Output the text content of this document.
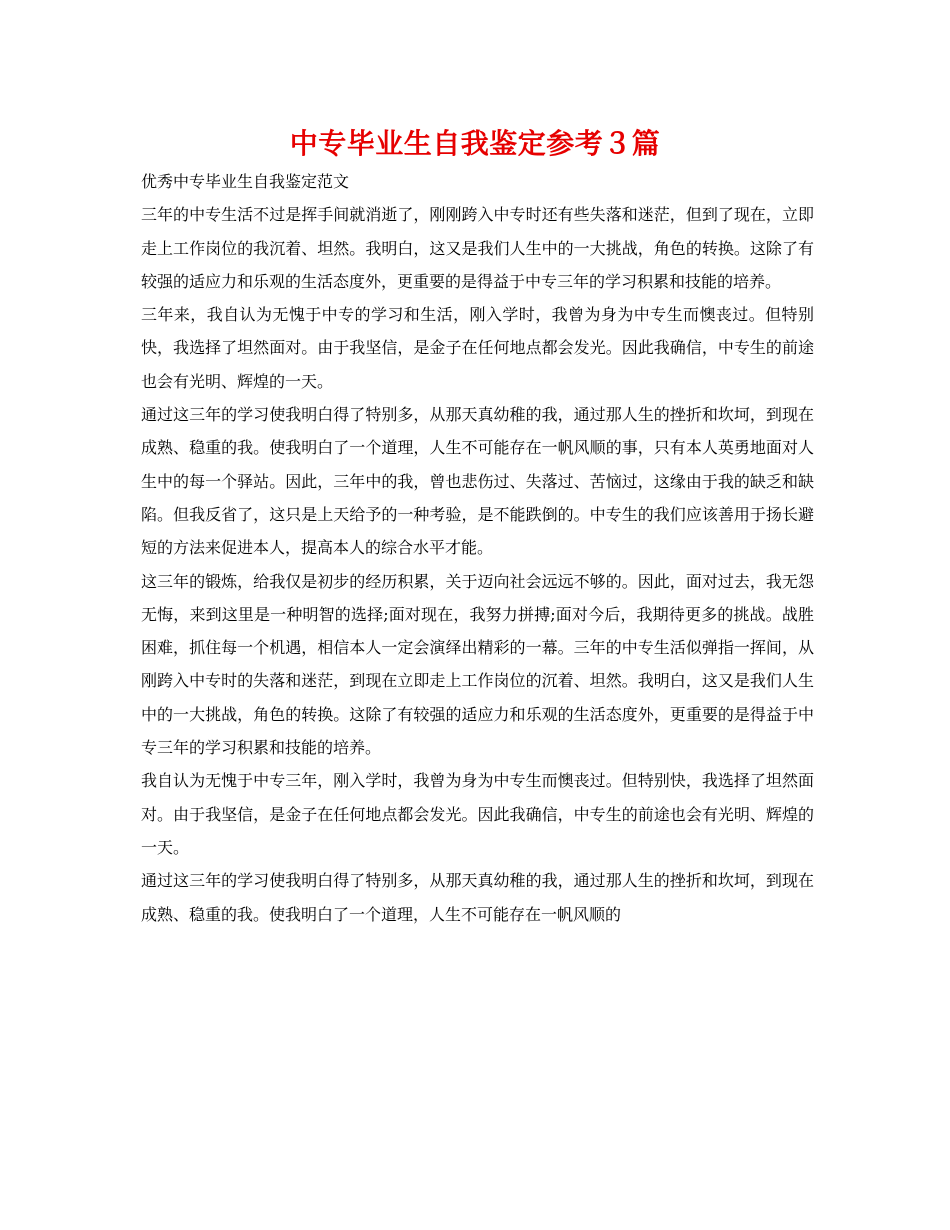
中专毕业生自我鉴定参考３篇

优秀中专毕业生自我鉴定范文

三年的中专生活不过是挥手间就消逝了，刚刚跨入中专时还有些失落和迷茫，但到了现在，立即走上工作岗位的我沉着、坦然。我明白，这又是我们人生中的一大挑战，角色的转换。这除了有较强的适应力和乐观的生活态度外，更重要的是得益于中专三年的学习积累和技能的培养。

三年来，我自认为无愧于中专的学习和生活，刚入学时，我曾为身为中专生而懊丧过。但特别快，我选择了坦然面对。由于我坚信，是金子在任何地点都会发光。因此我确信，中专生的前途也会有光明、辉煌的一天。

通过这三年的学习使我明白得了特别多，从那天真幼稚的我，通过那人生的挫折和坎坷，到现在成熟、稳重的我。使我明白了一个道理，人生不可能存在一帆风顺的事，只有本人英勇地面对人生中的每一个驿站。因此，三年中的我，曾也悲伤过、失落过、苦恼过，这缘由于我的缺乏和缺陷。但我反省了，这只是上天给予的一种考验，是不能跌倒的。中专生的我们应该善用于扬长避短的方法来促进本人，提高本人的综合水平才能。

这三年的锻炼，给我仅是初步的经历积累，关于迈向社会远远不够的。因此，面对过去，我无怨无悔，来到这里是一种明智的选择;面对现在，我努力拼搏;面对今后，我期待更多的挑战。战胜困难，抓住每一个机遇，相信本人一定会演绎出精彩的一幕。三年的中专生活似弹指一挥间，从刚跨入中专时的失落和迷茫，到现在立即走上工作岗位的沉着、坦然。我明白，这又是我们人生中的一大挑战，角色的转换。这除了有较强的适应力和乐观的生活态度外，更重要的是得益于中专三年的学习积累和技能的培养。

我自认为无愧于中专三年，刚入学时，我曾为身为中专生而懊丧过。但特别快，我选择了坦然面对。由于我坚信，是金子在任何地点都会发光。因此我确信，中专生的前途也会有光明、辉煌的一天。

通过这三年的学习使我明白得了特别多，从那天真幼稚的我，通过那人生的挫折和坎坷，到现在成熟、稳重的我。使我明白了一个道理，人生不可能存在一帆风顺的
